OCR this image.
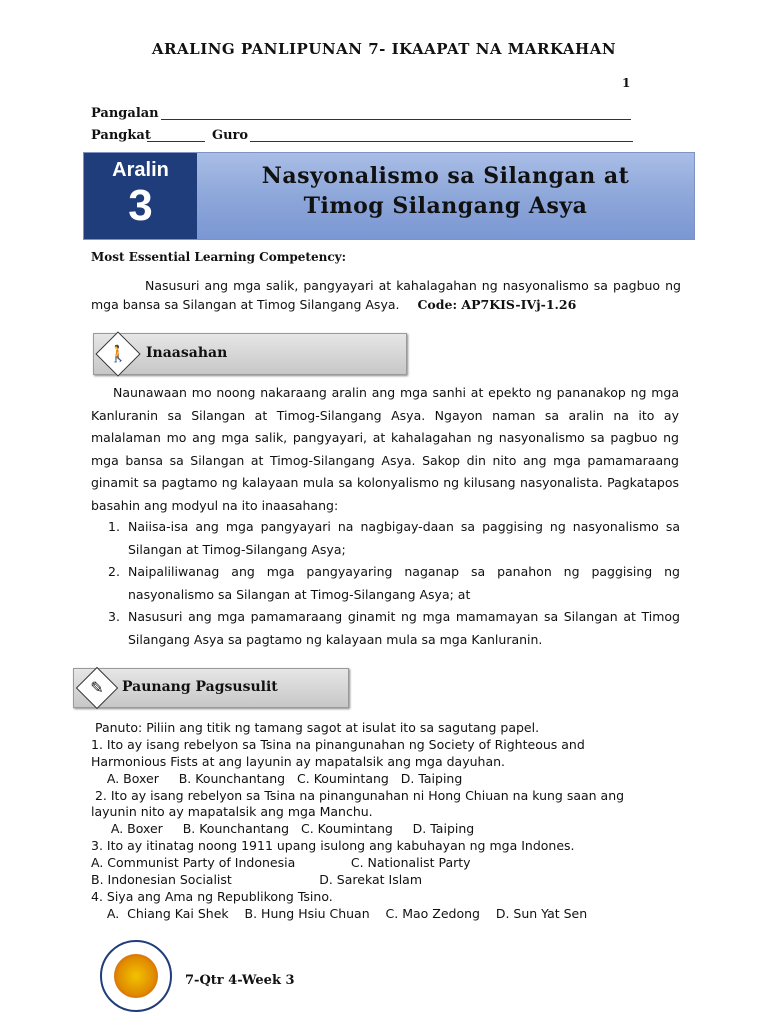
ARALING PANLIPUNAN 7- IKAAPAT NA MARKAHAN
1
Pangalan
Pangkat	Guro
Aralin
3
Nasyonalismo sa Silangan at
Timog Silangang Asya
Most Essential Learning Competency:
Nasusuri ang mga salik, pangyayari at kahalagahan ng nasyonalismo sa pagbuo ng mga bansa sa Silangan at Timog Silangang Asya. Code: AP7KIS-IVj-1.26
🚶	Inaasahan
Naunawaan mo noong nakaraang aralin ang mga sanhi at epekto ng pananakop ng mga Kanluranin sa Silangan at Timog-Silangang Asya. Ngayon naman sa aralin na ito ay malalaman mo ang mga salik, pangyayari, at kahalagahan ng nasyonalismo sa pagbuo ng mga bansa sa Silangan at Timog-Silangang Asya. Sakop din nito ang mga pamamaraang ginamit sa pagtamo ng kalayaan mula sa kolonyalismo ng kilusang nasyonalista. Pagkatapos basahin ang modyul na ito inaasahang:
1. Naiisa-isa ang mga pangyayari na nagbigay-daan sa paggising ng nasyonalismo sa Silangan at Timog-Silangang Asya;
2. Naipaliliwanag ang mga pangyayaring naganap sa panahon ng paggising ng nasyonalismo sa Silangan at Timog-Silangang Asya; at
3. Nasusuri ang mga pamamaraang ginamit ng mga mamamayan sa Silangan at Timog Silangang Asya sa pagtamo ng kalayaan mula sa mga Kanluranin.
✎	Paunang Pagsusulit
Panuto: Piliin ang titik ng tamang sagot at isulat ito sa sagutang papel.
1. Ito ay isang rebelyon sa Tsina na pinangunahan ng Society of Righteous and
Harmonious Fists at ang layunin ay mapatalsik ang mga dayuhan.
A. Boxer     B. Kounchantang   C. Koumintang   D. Taiping
2. Ito ay isang rebelyon sa Tsina na pinangunahan ni Hong Chiuan na kung saan ang
layunin nito ay mapatalsik ang mga Manchu.
A. Boxer     B. Kounchantang   C. Koumintang     D. Taiping
3. Ito ay itinatag noong 1911 upang isulong ang kabuhayan ng mga Indones.
A. Communist Party of Indonesia              C. Nationalist Party
B. Indonesian Socialist                      D. Sarekat Islam
4. Siya ang Ama ng Republikong Tsino.
A.  Chiang Kai Shek    B. Hung Hsiu Chuan    C. Mao Zedong    D. Sun Yat Sen
7-Qtr 4-Week 3
